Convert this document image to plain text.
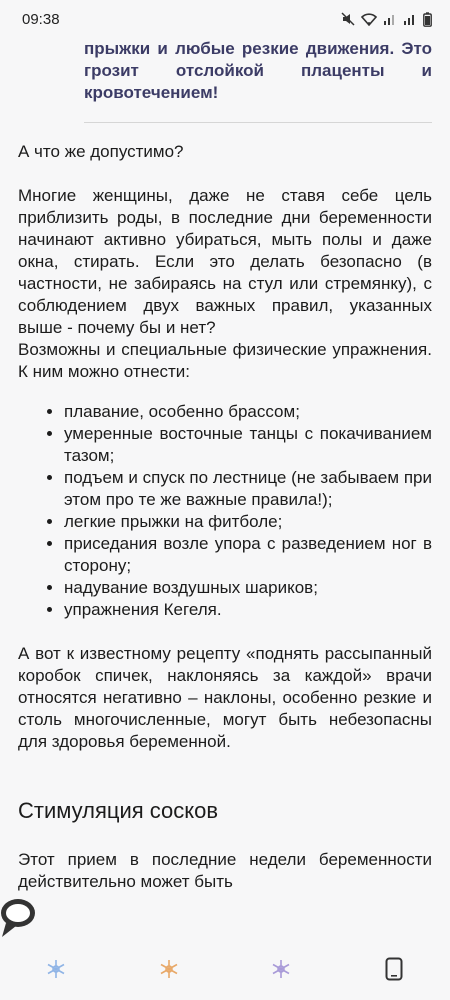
09:38

прыжки и любые резкие движения. Это грозит отслойкой плаценты и кровотечением!

А что же допустимо?

Многие женщины, даже не ставя себе цель приблизить роды, в последние дни беременности начинают активно убираться, мыть полы и даже окна, стирать. Если это делать безопасно (в частности, не забираясь на стул или стремянку), с соблюдением двух важных правил, указанных выше - почему бы и нет?

Возможны и специальные физические упражнения. К ним можно отнести:

• плавание, особенно брассом;
• умеренные восточные танцы с покачиванием тазом;
• подъем и спуск по лестнице (не забываем при этом про те же важные правила!);
• легкие прыжки на фитболе;
• приседания возле упора с разведением ног в сторону;
• надувание воздушных шариков;
• упражнения Кегеля.

А вот к известному рецепту «поднять рассыпанный коробок спичек, наклоняясь за каждой» врачи относятся негативно – наклоны, особенно резкие и столь многочисленные, могут быть небезопасны для здоровья беременной.

Стимуляция сосков

Этот прием в последние недели беременности действительно может быть
